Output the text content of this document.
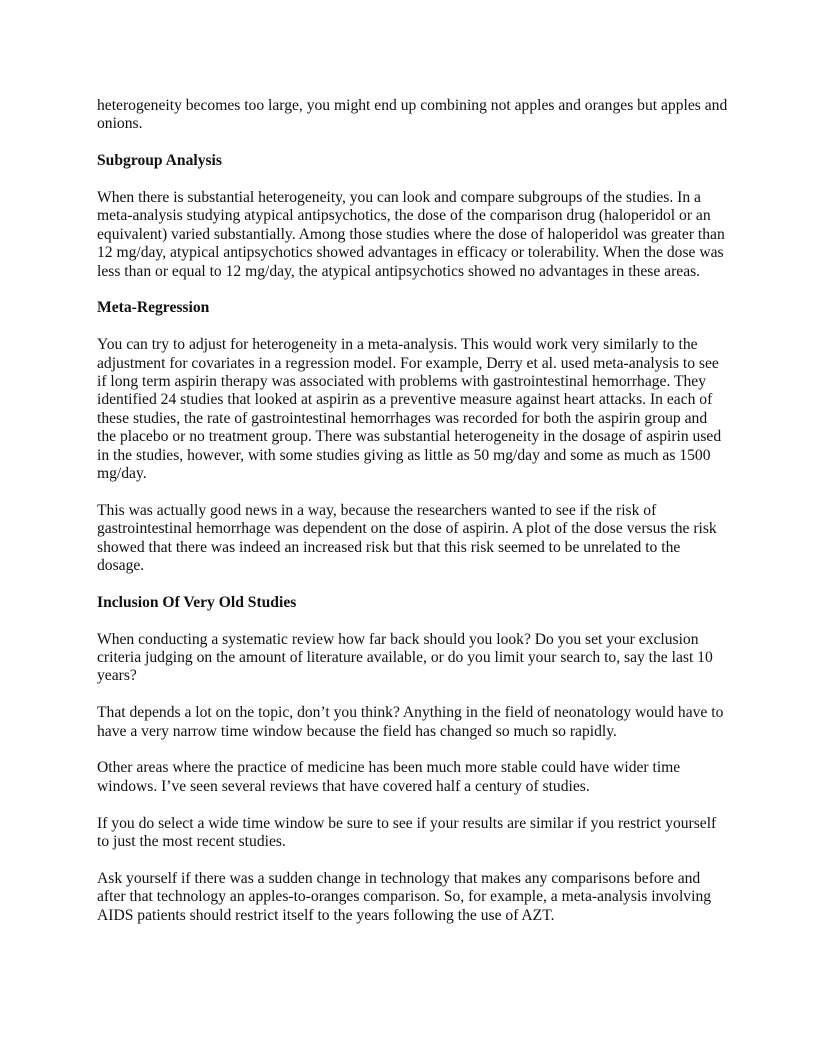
heterogeneity becomes too large, you might end up combining not apples and oranges but apples and onions.

Subgroup Analysis

When there is substantial heterogeneity, you can look and compare subgroups of the studies. In a meta-analysis studying atypical antipsychotics, the dose of the comparison drug (haloperidol or an equivalent) varied substantially. Among those studies where the dose of haloperidol was greater than 12 mg/day, atypical antipsychotics showed advantages in efficacy or tolerability. When the dose was less than or equal to 12 mg/day, the atypical antipsychotics showed no advantages in these areas.

Meta-Regression

You can try to adjust for heterogeneity in a meta-analysis. This would work very similarly to the adjustment for covariates in a regression model. For example, Derry et al. used meta-analysis to see if long term aspirin therapy was associated with problems with gastrointestinal hemorrhage. They identified 24 studies that looked at aspirin as a preventive measure against heart attacks. In each of these studies, the rate of gastrointestinal hemorrhages was recorded for both the aspirin group and the placebo or no treatment group. There was substantial heterogeneity in the dosage of aspirin used in the studies, however, with some studies giving as little as 50 mg/day and some as much as 1500 mg/day.

This was actually good news in a way, because the researchers wanted to see if the risk of gastrointestinal hemorrhage was dependent on the dose of aspirin. A plot of the dose versus the risk showed that there was indeed an increased risk but that this risk seemed to be unrelated to the dosage.

Inclusion Of Very Old Studies

When conducting a systematic review how far back should you look? Do you set your exclusion criteria judging on the amount of literature available, or do you limit your search to, say the last 10 years?

That depends a lot on the topic, don’t you think? Anything in the field of neonatology would have to have a very narrow time window because the field has changed so much so rapidly.

Other areas where the practice of medicine has been much more stable could have wider time windows. I’ve seen several reviews that have covered half a century of studies.

If you do select a wide time window be sure to see if your results are similar if you restrict yourself to just the most recent studies.

Ask yourself if there was a sudden change in technology that makes any comparisons before and after that technology an apples-to-oranges comparison. So, for example, a meta-analysis involving AIDS patients should restrict itself to the years following the use of AZT.
